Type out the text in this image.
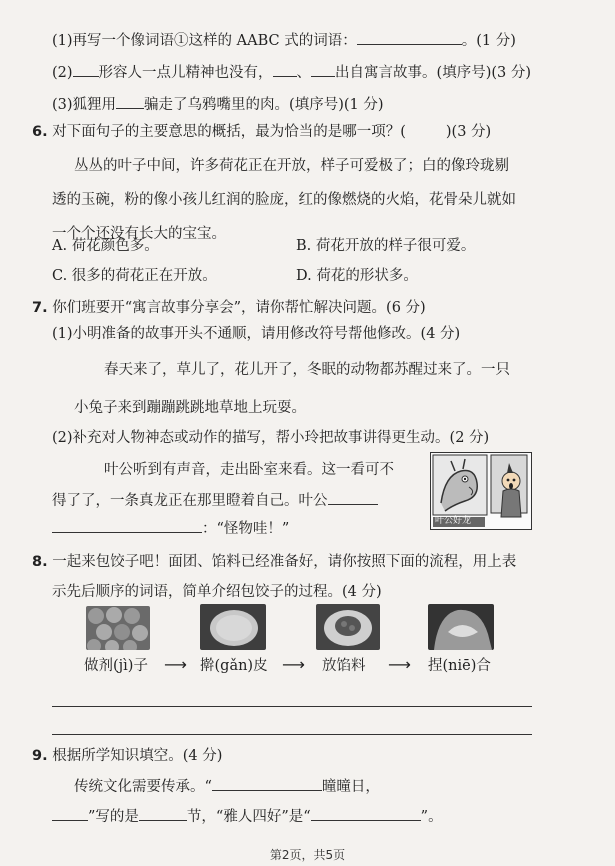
(1)再写一个像词语①这样的 AABC 式的词语：	。(1 分)
(2) 形容人一点儿精神也没有， 、 出自寓言故事。(填序号)(3 分)
(3)狐狸用 骗走了乌鸦嘴里的肉。(填序号)(1 分)
6. 对下面句子的主要意思的概括，最为恰当的是哪一项？(	)(3 分)
丛丛的叶子中间，许多荷花正在开放，样子可爱极了；白的像玲珑剔
透的玉碗，粉的像小孩儿红润的脸庞，红的像燃烧的火焰，花骨朵儿就如
一个个还没有长大的宝宝。
A. 荷花颜色多。	B. 荷花开放的样子很可爱。
C. 很多的荷花正在开放。	D. 荷花的形状多。
7. 你们班要开“寓言故事分享会”，请你帮忙解决问题。(6 分)
(1)小明准备的故事开头不通顺，请用修改符号帮他修改。(4 分)
春天来了，草儿了，花儿开了，冬眠的动物都苏醒过来了。一只
小兔子来到蹦蹦跳跳地草地上玩耍。
(2)补充对人物神态或动作的描写，帮小玲把故事讲得更生动。(2 分)
叶公听到有声音，走出卧室来看。这一看可不
得了了，一条真龙正在那里瞪着自己。叶公
：“怪物哇！”	叶公好龙
8. 一起来包饺子吧！面团、馅料已经准备好，请你按照下面的流程，用上表
示先后顺序的词语，简单介绍包饺子的过程。(4 分)
做剂(jì)子 ⟶ 擀(gǎn)皮 ⟶ 放馅料 ⟶ 捏(niē)合
9. 根据所学知识填空。(4 分)
传统文化需要传承。“	曈曈日，
”写的是	节，“雅人四好”是“	”。
第2页，共5页
